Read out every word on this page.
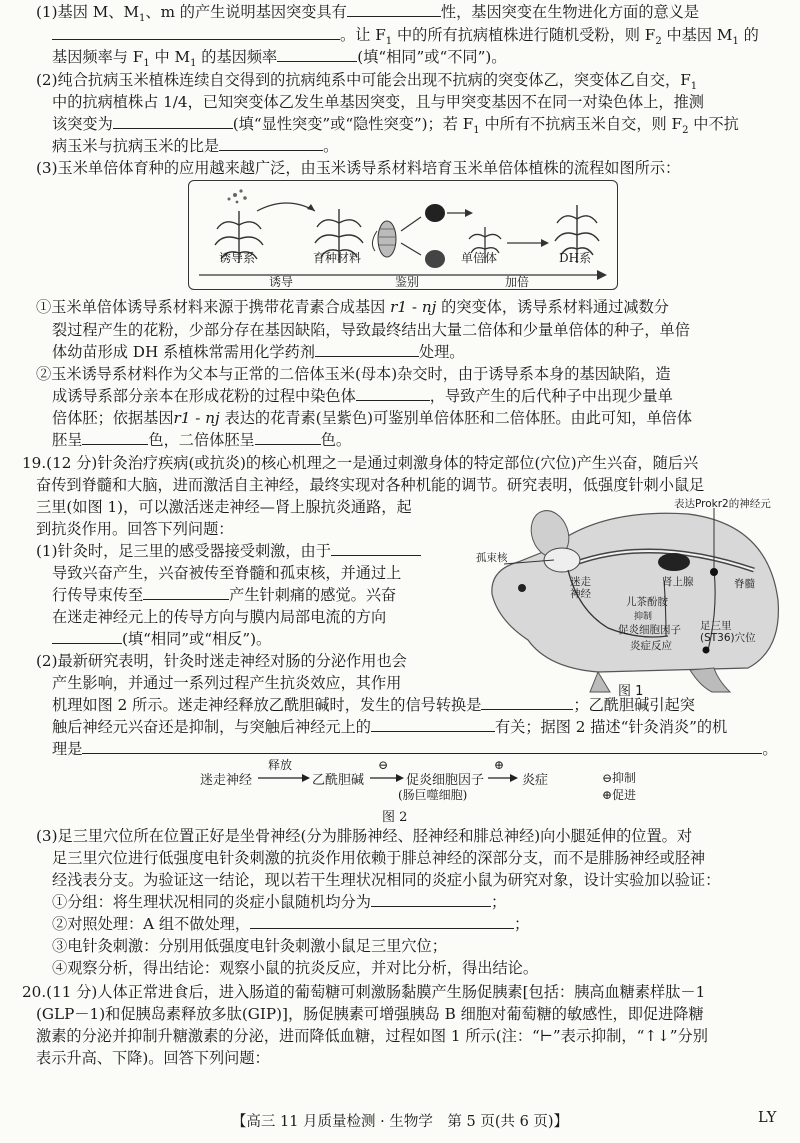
(1)基因 M、$M_1$、m 的产生说明基因突变具有	性，基因突变在生物进化方面的意义是
。让 $F_1$ 中的所有抗病植株进行随机受粉，则 $F_2$ 中基因 $M_1$ 的
基因频率与 $F_1$ 中 $M_1$ 的基因频率	(填“相同”或“不同”)。
(2)纯合抗病玉米植株连续自交得到的抗病纯系中可能会出现不抗病的突变体乙，突变体乙自交，$F_1$
中的抗病植株占 1/4，已知突变体乙发生单基因突变，且与甲突变基因不在同一对染色体上，推测
该突变为	(填“显性突变”或“隐性突变”)；若 $F_1$ 中所有不抗病玉米自交，则 $F_2$ 中不抗
病玉米与抗病玉米的比是	。
(3)玉米单倍体育种的应用越来越广泛，由玉米诱导系材料培育玉米单倍体植株的流程如图所示：
诱导系	育种材料	单倍体	DH系
诱导	鉴别	加倍
①玉米单倍体诱导系材料来源于携带花青素合成基因 r1 - nj 的突变体，诱导系材料通过减数分
裂过程产生的花粉，少部分存在基因缺陷，导致最终结出大量二倍体和少量单倍体的种子，单倍
体幼苗形成 DH 系植株常需用化学药剂	处理。
②玉米诱导系材料作为父本与正常的二倍体玉米(母本)杂交时，由于诱导系本身的基因缺陷，造
成诱导系部分亲本在形成花粉的过程中染色体	，导致产生的后代种子中出现少量单
倍体胚；依据基因r1 - nj 表达的花青素(呈紫色)可鉴别单倍体胚和二倍体胚。由此可知，单倍体
胚呈	色，二倍体胚呈	色。
19.(12 分)针灸治疗疾病(或抗炎)的核心机理之一是通过刺激身体的特定部位(穴位)产生兴奋，随后兴
奋传到脊髓和大脑，进而激活自主神经，最终实现对各种机能的调节。研究表明，低强度针刺小鼠足
三里(如图 1)，可以激活迷走神经—肾上腺抗炎通路，起
到抗炎作用。回答下列问题：
(1)针灸时，足三里的感受器接受刺激，由于
导致兴奋产生，兴奋被传至脊髓和孤束核，并通过上
行传导束传至	产生针刺痛的感觉。兴奋
在迷走神经元上的传导方向与膜内局部电流的方向
(填“相同”或“相反”)。
(2)最新研究表明，针灸时迷走神经对肠的分泌作用也会
产生影响，并通过一系列过程产生抗炎效应，其作用
机理如图 2 所示。迷走神经释放乙酰胆碱时，发生的信号转换是	；乙酰胆碱引起突
触后神经元兴奋还是抑制，与突触后神经元上的	有关；据图 2 描述“针灸消炎”的机
理是	。
表达Prokr2的神经元
孤束核
肾上腺	脊髓
迷走
神经
儿茶酚胺
抑制
促炎细胞因子
炎症反应
足三里
(ST36)穴位
图 1
迷走神经
释放
乙酰胆碱
⊖
促炎细胞因子
(肠巨噬细胞)
⊕
炎症	⊖抑制
⊕促进
图 2
(3)足三里穴位所在位置正好是坐骨神经(分为腓肠神经、胫神经和腓总神经)向小腿延伸的位置。对
足三里穴位进行低强度电针灸刺激的抗炎作用依赖于腓总神经的深部分支，而不是腓肠神经或胫神
经浅表分支。为验证这一结论，现以若干生理状况相同的炎症小鼠为研究对象，设计实验加以验证：
①分组：将生理状况相同的炎症小鼠随机均分为	；
②对照处理：A 组不做处理，	；
③电针灸刺激：分别用低强度电针灸刺激小鼠足三里穴位；
④观察分析，得出结论：观察小鼠的抗炎反应，并对比分析，得出结论。
20.(11 分)人体正常进食后，进入肠道的葡萄糖可刺激肠黏膜产生肠促胰素[包括：胰高血糖素样肽－1
(GLP－1)和促胰岛素释放多肽(GIP)]，肠促胰素可增强胰岛 B 细胞对葡萄糖的敏感性，即促进降糖
激素的分泌并抑制升糖激素的分泌，进而降低血糖，过程如图 1 所示(注：“⊢”表示抑制，“↑↓”分别
表示升高、下降)。回答下列问题：
【高三 11 月质量检测 · 生物学　第 5 页(共 6 页)】	LY
